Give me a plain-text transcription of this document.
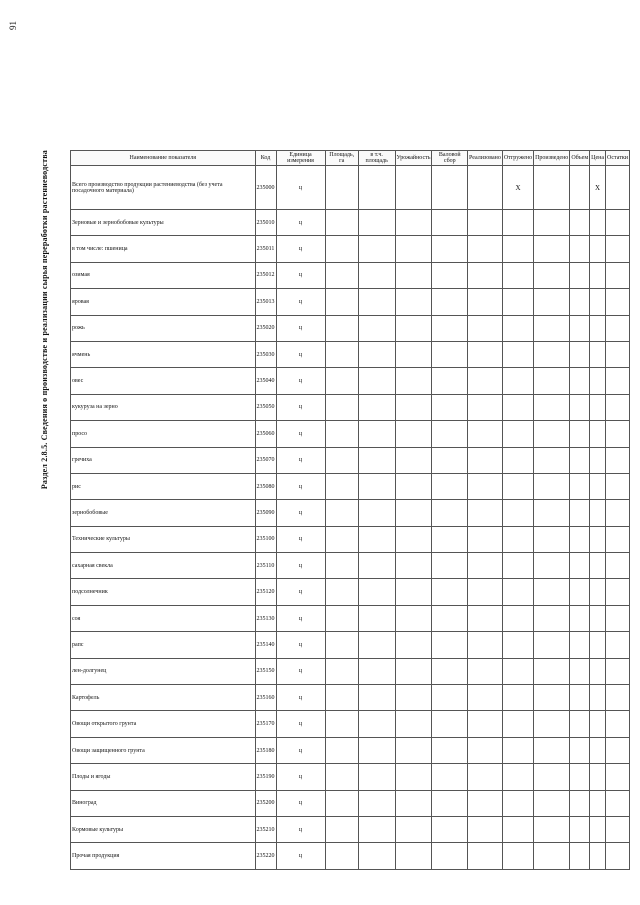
91
Раздел 2.8.5. Сведения о производстве и реализации сырья переработки растениеводства	Наименование показателя	Код	Единица измерения	Площадь, га	в т.ч. площадь	Урожайность	Валовой сбор	Реализовано	Отгружено	Произведено	Объем	Цена	Остатки
Всего производство продукции растениеводства (без учета посадочного материала)	235000	ц						X			X	
Зерновые и зернобобовые культуры	235010	ц										
в том числе: пшеница	235011	ц										
озимая	235012	ц										
яровая	235013	ц										
рожь	235020	ц										
ячмень	235030	ц										
овес	235040	ц										
кукуруза на зерно	235050	ц										
просо	235060	ц										
гречиха	235070	ц										
рис	235080	ц										
зернобобовые	235090	ц										
Технические культуры	235100	ц										
сахарная свекла	235110	ц										
подсолнечник	235120	ц										
соя	235130	ц										
рапс	235140	ц										
лен-долгунец	235150	ц										
Картофель	235160	ц										
Овощи открытого грунта	235170	ц										
Овощи защищенного грунта	235180	ц										
Плоды и ягоды	235190	ц										
Виноград	235200	ц										
Кормовые культуры	235210	ц										
Прочая продукция	235220	ц										
